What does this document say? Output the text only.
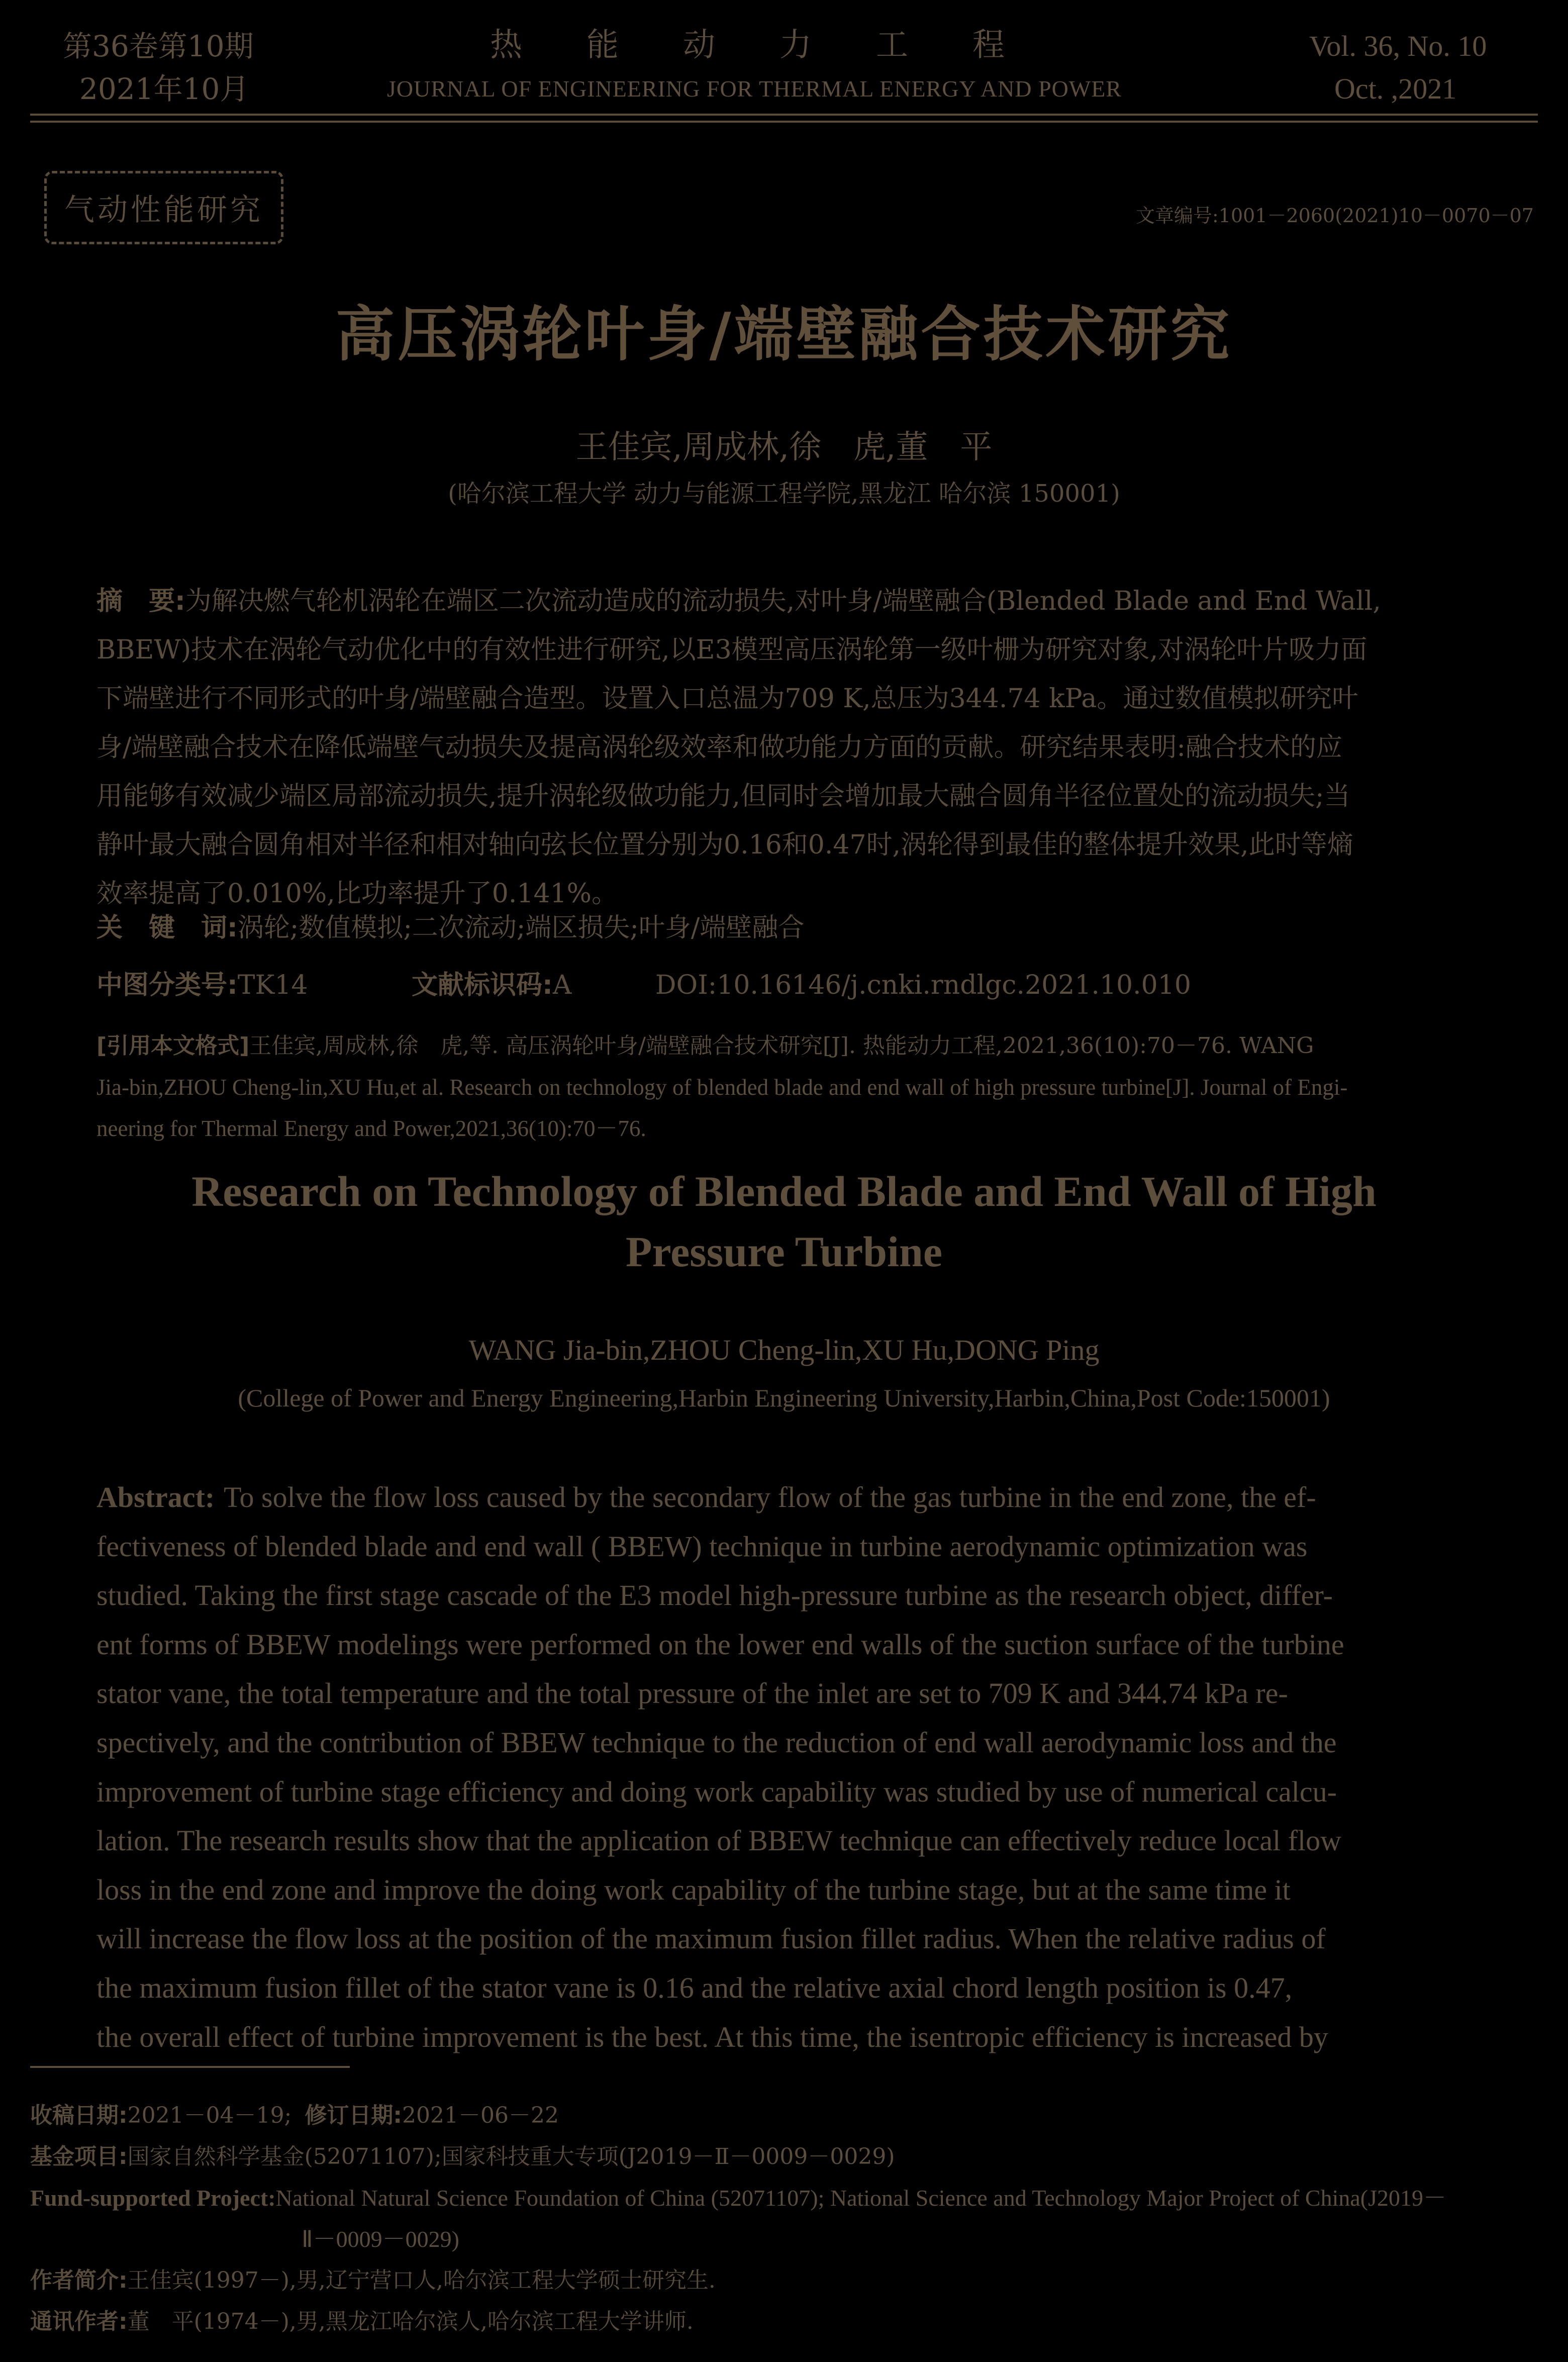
第36卷第10期
2021年10月
热　　能　　动　　力　　工　　程
JOURNAL OF ENGINEERING FOR THERMAL ENERGY AND POWER
Vol. 36, No. 10
Oct. ,2021
气动性能研究	文章编号:1001－2060(2021)10－0070－07
高压涡轮叶身/端壁融合技术研究
王佳宾,周成林,徐　虎,董　平
(哈尔滨工程大学 动力与能源工程学院,黑龙江 哈尔滨 150001)
摘　要:为解决燃气轮机涡轮在端区二次流动造成的流动损失,对叶身/端壁融合(Blended Blade and End Wall,
BBEW)技术在涡轮气动优化中的有效性进行研究,以E3模型高压涡轮第一级叶栅为研究对象,对涡轮叶片吸力面
下端壁进行不同形式的叶身/端壁融合造型。设置入口总温为709 K,总压为344.74 kPa。通过数值模拟研究叶
身/端壁融合技术在降低端壁气动损失及提高涡轮级效率和做功能力方面的贡献。研究结果表明:融合技术的应
用能够有效减少端区局部流动损失,提升涡轮级做功能力,但同时会增加最大融合圆角半径位置处的流动损失;当
静叶最大融合圆角相对半径和相对轴向弦长位置分别为0.16和0.47时,涡轮得到最佳的整体提升效果,此时等熵
效率提高了0.010%,比功率提升了0.141%。
关　键　词:涡轮;数值模拟;二次流动;端区损失;叶身/端壁融合
中图分类号:TK14	文献标识码:A	DOI:10.16146/j.cnki.rndlgc.2021.10.010
[引用本文格式]王佳宾,周成林,徐　虎,等. 高压涡轮叶身/端壁融合技术研究[J]. 热能动力工程,2021,36(10):70－76. WANG
Jia-bin,ZHOU Cheng-lin,XU Hu,et al. Research on technology of blended blade and end wall of high pressure turbine[J]. Journal of Engi-
neering for Thermal Energy and Power,2021,36(10):70－76.
Research on Technology of Blended Blade and End Wall of High
Pressure Turbine
WANG Jia-bin,ZHOU Cheng-lin,XU Hu,DONG Ping
(College of Power and Energy Engineering,Harbin Engineering University,Harbin,China,Post Code:150001)
Abstract: To solve the flow loss caused by the secondary flow of the gas turbine in the end zone, the ef-
fectiveness of blended blade and end wall ( BBEW) technique in turbine aerodynamic optimization was
studied. Taking the first stage cascade of the E3 model high-pressure turbine as the research object, differ-
ent forms of BBEW modelings were performed on the lower end walls of the suction surface of the turbine
stator vane, the total temperature and the total pressure of the inlet are set to 709 K and 344.74 kPa re-
spectively, and the contribution of BBEW technique to the reduction of end wall aerodynamic loss and the
improvement of turbine stage efficiency and doing work capability was studied by use of numerical calcu-
lation. The research results show that the application of BBEW technique can effectively reduce local flow
loss in the end zone and improve the doing work capability of the turbine stage, but at the same time it
will increase the flow loss at the position of the maximum fusion fillet radius. When the relative radius of
the maximum fusion fillet of the stator vane is 0.16 and the relative axial chord length position is 0.47,
the overall effect of turbine improvement is the best. At this time, the isentropic efficiency is increased by
收稿日期:2021－04－19; 修订日期:2021－06－22
基金项目:国家自然科学基金(52071107);国家科技重大专项(J2019－Ⅱ－0009－0029)
Fund-supported Project:National Natural Science Foundation of China (52071107); National Science and Technology Major Project of China(J2019－
Ⅱ－0009－0029)
作者简介:王佳宾(1997－),男,辽宁营口人,哈尔滨工程大学硕士研究生.
通讯作者:董　平(1974－),男,黑龙江哈尔滨人,哈尔滨工程大学讲师.
